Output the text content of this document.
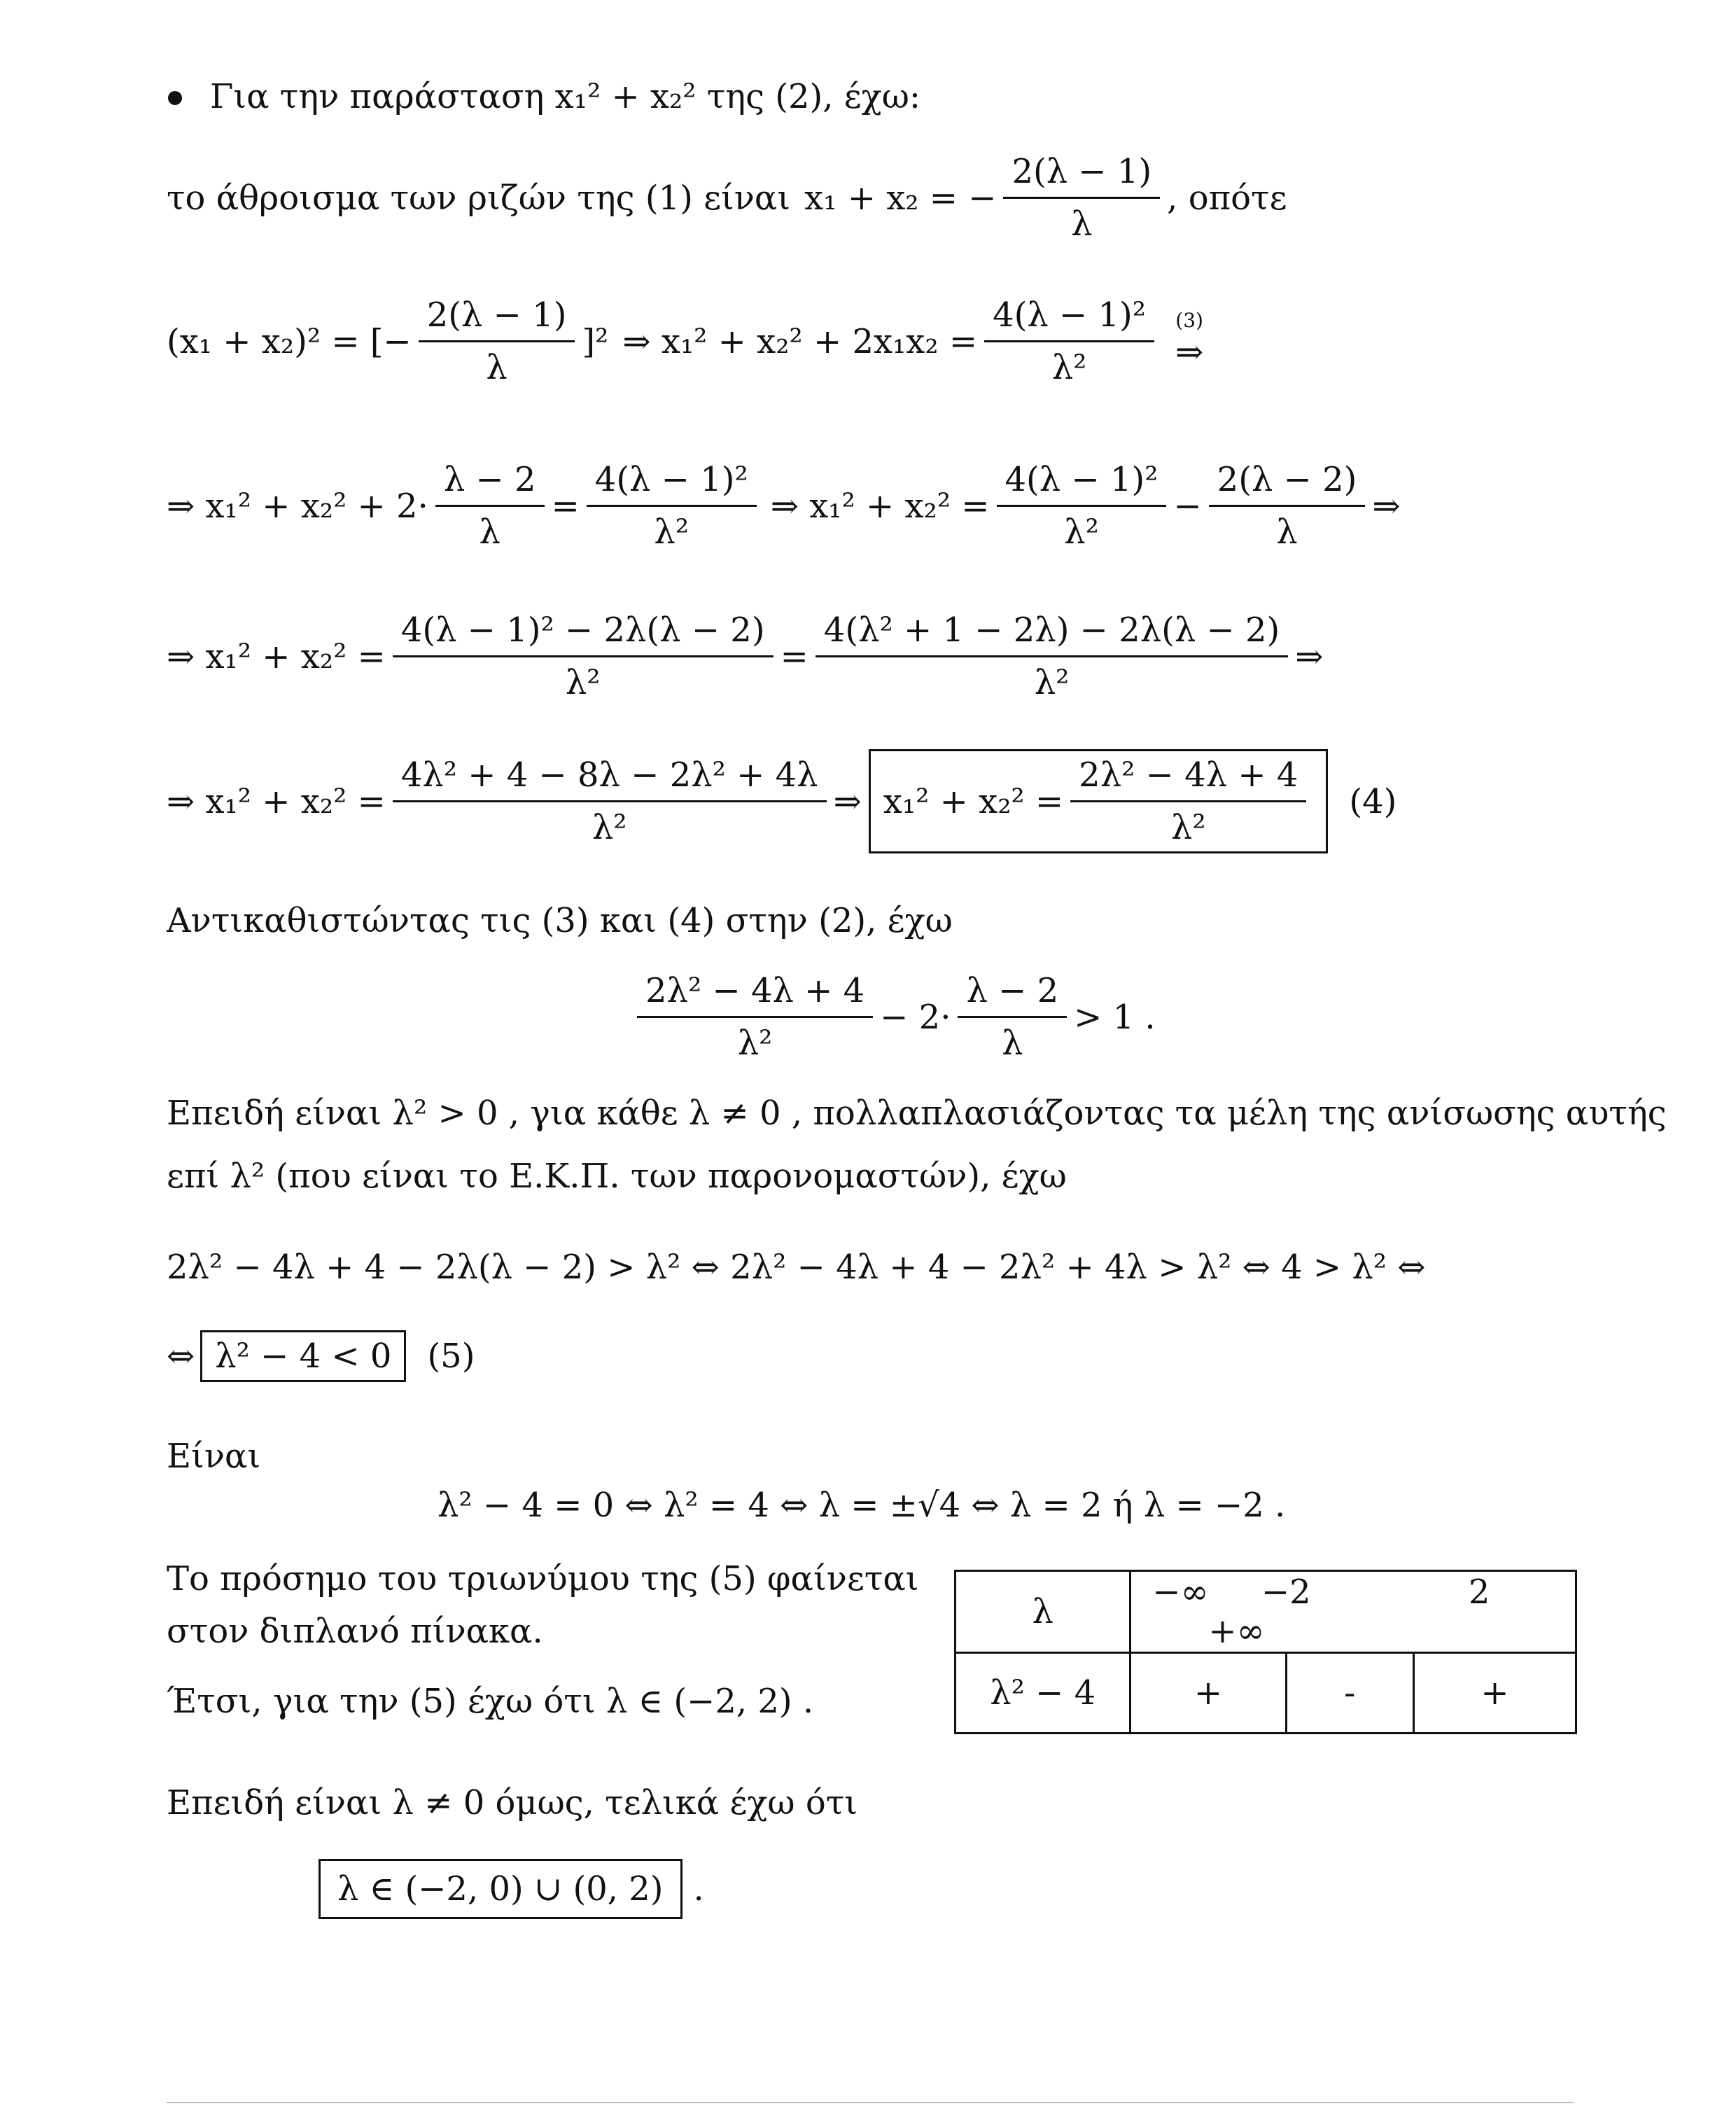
Για την παράσταση x₁² + x₂² της (2), έχω:
το άθροισμα των ριζών της (1) είναι x₁ + x₂ = − $\frac{2(\lambda - 1)}{\lambda}$ , οπότε
(x₁ + x₂)² = [− $\frac{2(\lambda - 1)}{\lambda} ]^2$ ⇒ $x_1^2 + x_2^2 + 2x_1x_2 = \frac{\text{4(λ − 1)²}}{\text{λ²}} (3)$
⇒
⇒ $x_1^2 + x_2^2 + 2\cdot \frac{\lambda - 2}{\lambda} = \frac{\text{4(λ − 1)²}}{\text{λ²}}$ ⇒ $x_1^2 + x_2^2 = \frac{\text{4(λ − 1)²}}{\text{λ²}} - \frac{2(\lambda - 2)}{\lambda}$ ⇒
⇒ $x_1^2 + x_2^2 = \frac{\text{4(λ − 1)² − 2λ(λ − 2)}}{\text{λ²}} = \frac{\text{4(λ² + 1 − 2λ) − 2λ(λ − 2)}}{\text{λ²}}$ ⇒
⇒ $x_1^2 + x_2^2 = \frac{\text{4λ² + 4 − 8λ − 2λ² + 4λ}}{\text{λ²}}$ ⇒ $x_1^2 + x_2^2 = \frac{\text{2λ² − 4λ + 4}}{\text{λ²}} (4)$
Αντικαθιστώντας τις (3) και (4) στην (2), έχω
$\frac{\text{2λ² − 4λ + 4}}{\text{λ²}} - 2\cdot \frac{\lambda - 2}{\lambda} > 1$ .
Επειδή είναι λ² > 0 , για κάθε λ ≠ 0 , πολλαπλασιάζοντας τα μέλη της ανίσωσης αυτής
επί λ² (που είναι το Ε.Κ.Π. των παρονομαστών), έχω
2λ² − 4λ + 4 − 2λ(λ − 2) > λ² ⇔ 2λ² − 4λ + 4 − 2λ² + 4λ > λ² ⇔ 4 > λ² ⇔
⇔ λ² − 4 < 0	(5)
Είναι
λ² − 4 = 0 ⇔ λ² = 4 ⇔ λ = ±√4 ⇔ λ = 2 ή λ = −2 .
Το πρόσημο του τριωνύμου της (5) φαίνεται
στον διπλανό πίνακα.
Έτσι, για την (5) έχω ότι λ ∈ (−2, 2) .
λ	−∞ −2 2 +∞		
λ² − 4	+	-	+
Επειδή είναι λ ≠ 0 όμως, τελικά έχω ότι
λ ∈ (−2, 0) ∪ (0, 2) .
